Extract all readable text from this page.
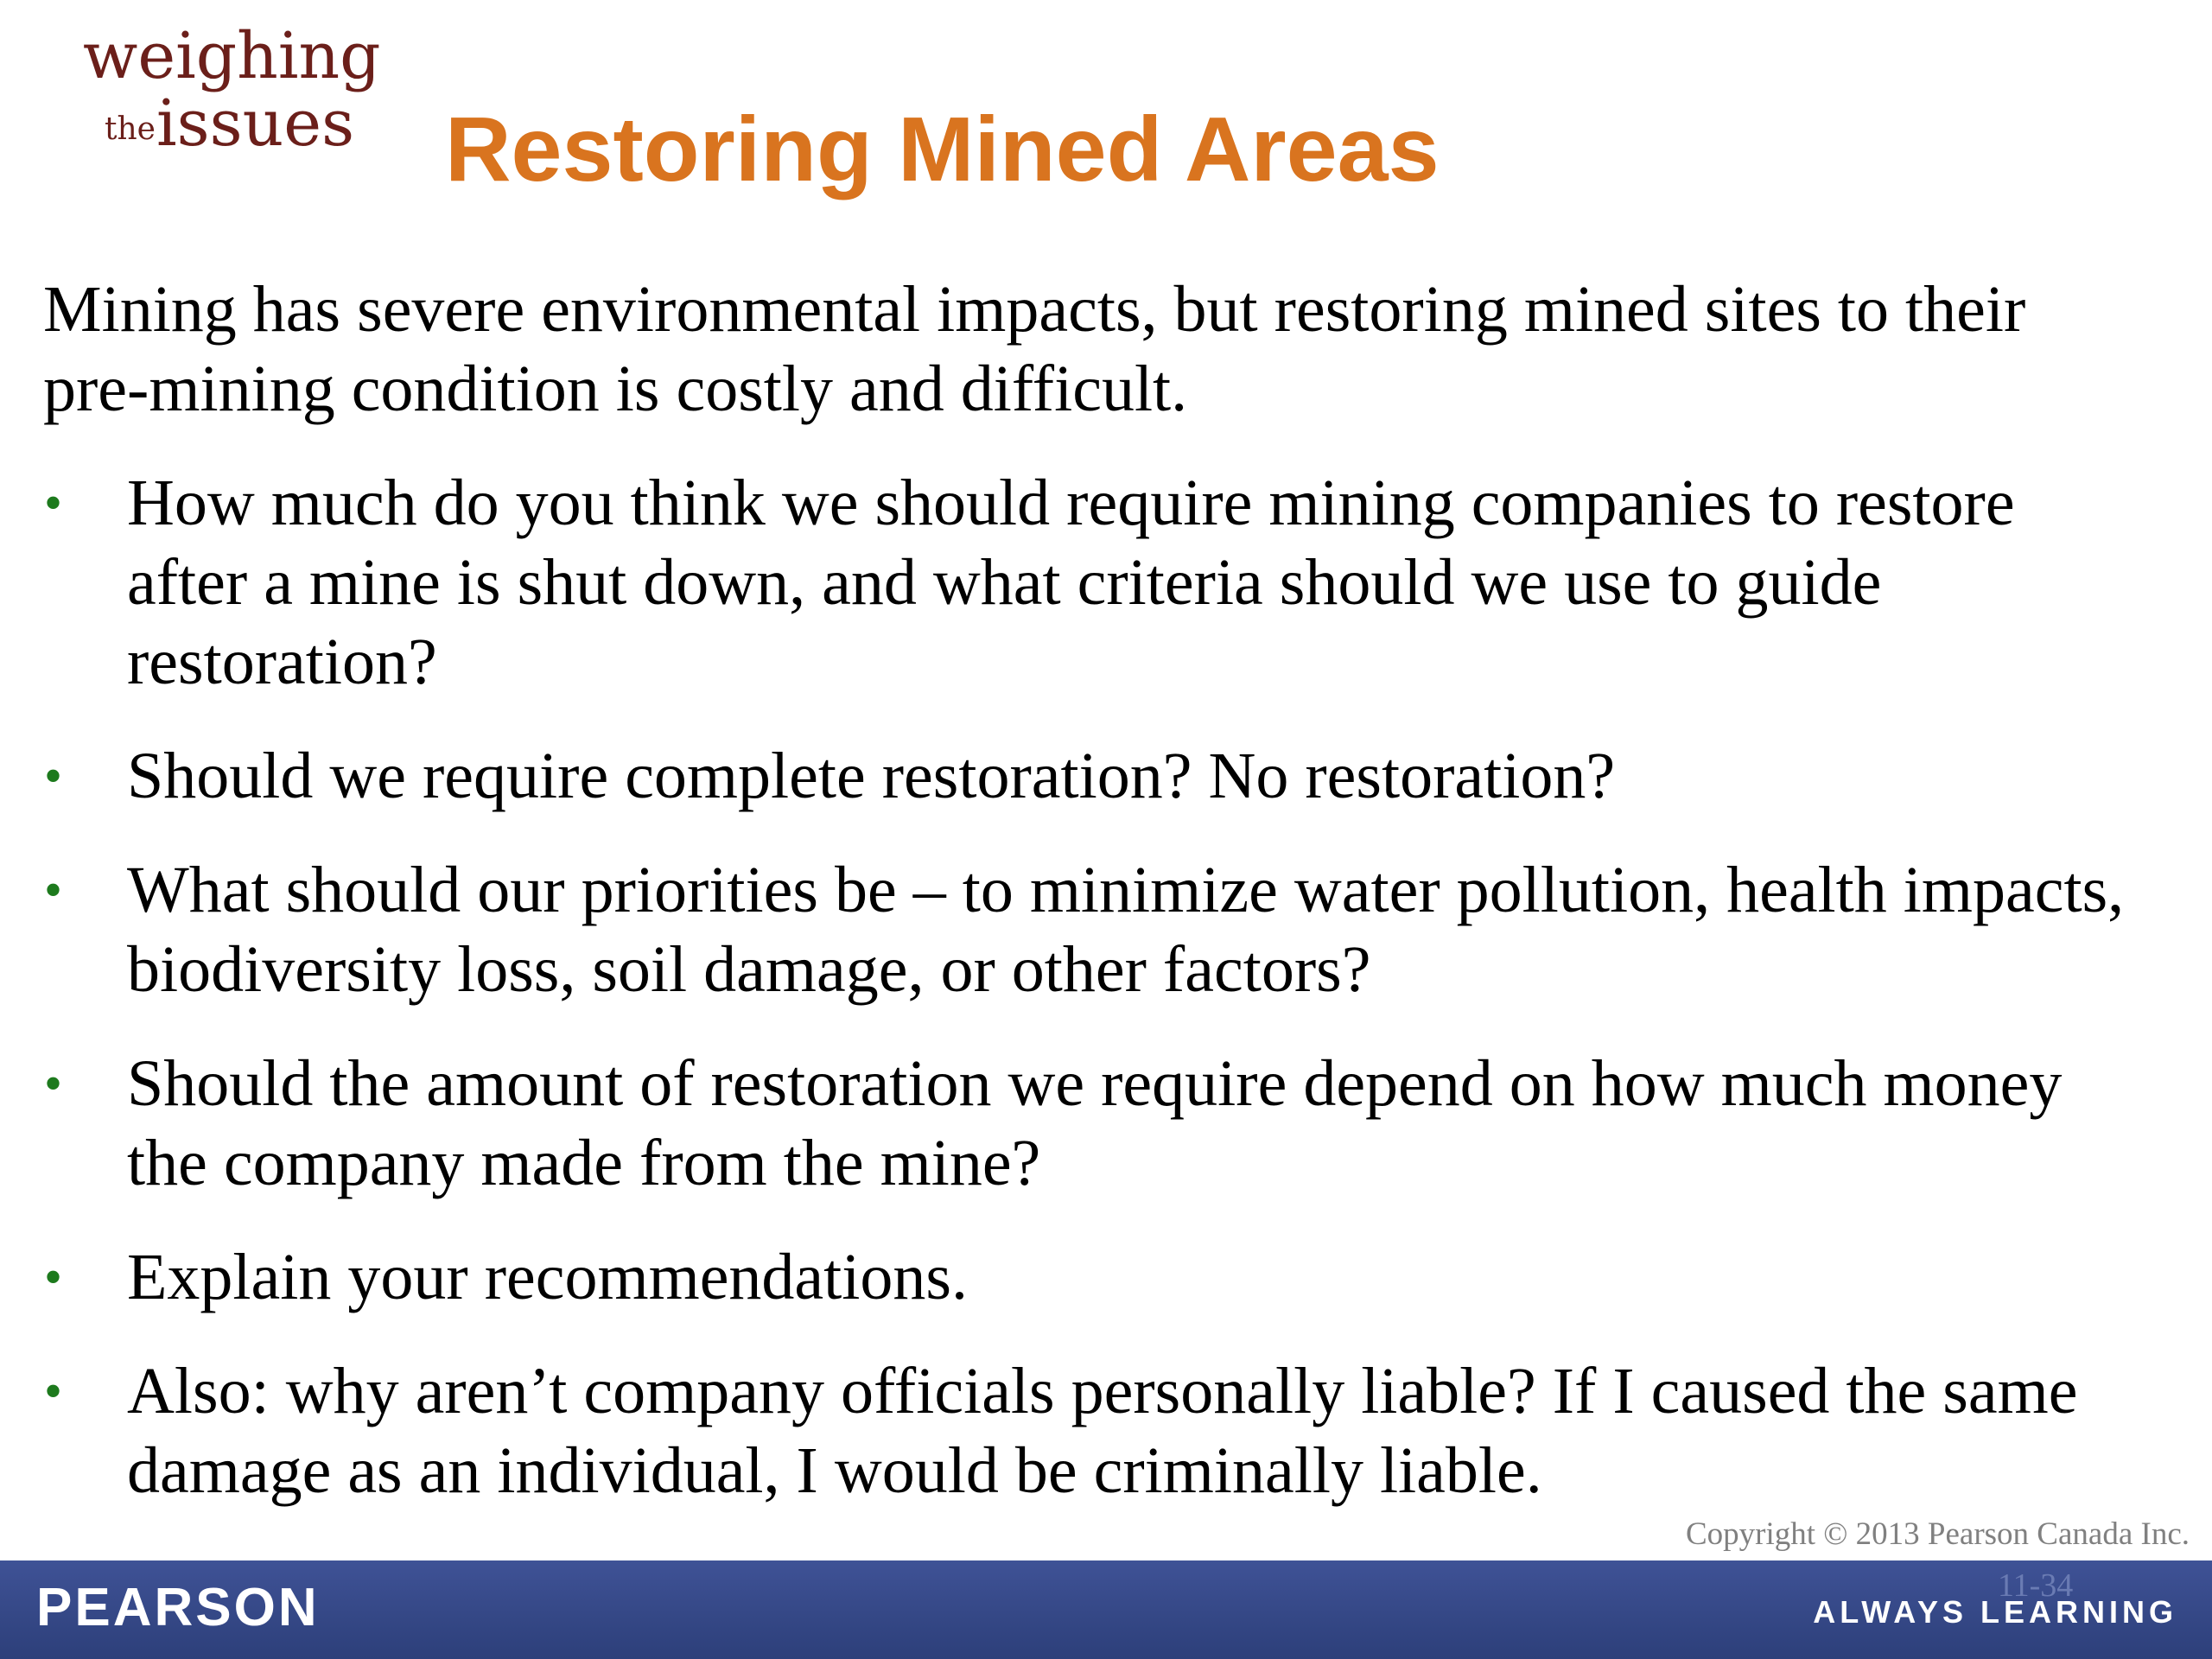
weighing
the issues Restoring Mined Areas

Mining has severe environmental impacts, but restoring mined sites to their pre-mining condition is costly and difficult.

• How much do you think we should require mining companies to restore after a mine is shut down, and what criteria should we use to guide restoration?
• Should we require complete restoration? No restoration?
• What should our priorities be – to minimize water pollution, health impacts, biodiversity loss, soil damage, or other factors?
• Should the amount of restoration we require depend on how much money the company made from the mine?
• Explain your recommendations.
• Also: why aren’t company officials personally liable? If I caused the same damage as an individual, I would be criminally liable.
Copyright © 2013 Pearson Canada Inc.
PEARSON	11-34
ALWAYS LEARNING
